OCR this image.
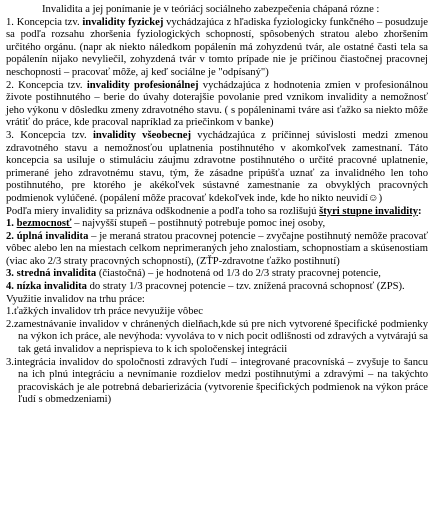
Invalidita a jej ponímanie je v teóriácj sociálneho zabezpečenia chápaná rózne :

1. Koncepcia tzv. invalidity fyzickej vychádzajúca z hľadiska fyziologicky funkčného – posudzuje sa podľa rozsahu zhoršenia fyziologických schopností, spôsobených stratou alebo zhoršením určitého orgánu. (napr ak niekto náledkom popálenín má zohyzdenú tvár, ale ostatné časti tela sa popálenín nijako nevyliečil, zohyzdená tvár v tomto prípade nie je príčinou čiastočnej pracovnej neschopnosti – pracovať môže, aj keď sociálne je "odpísaný")

2. Koncepcia tzv. invalidity profesionálnej vychádzajúca z hodnotenia zmien v profesionálnou živote postihnutého – berie do úvahy doterajšie povolanie pred vznikom invalidity a nemožnosť jeho výkonu v dôsledku zmeny zdravotného stavu. ( s popáleninami tváre asi ťažko sa niekto môže vrátiť do práce, kde pracoval napríklad za priečinkom v banke)

3. Koncepcia tzv. invalidity všeobecnej vychádzajúca z príčinnej súvislosti medzi zmenou zdravotného stavu a nemožnosťou uplatnenia postihnutého v akomkoľvek zamestnaní. Táto koncepcia sa usiluje o stimuláciu záujmu zdravotne postihnutého o určité pracovné uplatnenie, primerané jeho zdravotnému stavu, tým, že zásadne pripúšťa uznať za invalidného len toho postihnutého, pre ktorého je akékoľvek sústavné zamestnanie za obvyklých pracovných podmienok vylúčené. (popálení môže pracovať kdekoľvek inde, kde ho nikto neuvidí☺)

Podľa miery invalidity sa priznáva odškodnenie a podľa toho sa rozlišujú štyri stupne invalidity:

1. bezmocnosť – najvyšší stupeň – postihnutý potrebuje pomoc inej osoby,

2. úplná invalidita – je meraná stratou pracovnej potencie – zvyčajne postihnutý nemôže pracovať vôbec alebo len na miestach celkom neprimeraných jeho znalostiam, schopnostiam a skúsenostiam (viac ako 2/3 straty pracovných schopností), (ZŤP-zdravotne ťažko postihnutí)

3. stredná invalidita (čiastočná) – je hodnotená od 1/3 do 2/3 straty pracovnej potencie,

4. nízka invalidita do straty 1/3 pracovnej potencie – tzv. znížená pracovná schopnosť (ZPS).

Využitie invalidov na trhu práce:

1.ťažkých invalidov trh práce nevyužije vôbec

2.zamestnávanie invalidov v chránených dielňach,kde sú pre nich vytvorené špecifické podmienky na výkon ich práce, ale nevýhoda: vyvoláva to v nich pocit odlišnosti od zdravých a vytvárajú sa tak getá invalidov a neprispieva to k ich spoločenskej integrácii

3.integrácia invalidov do spoločnosti zdravých ľudí – integrované pracovníská – zvyšuje to šancu na ich plnú integráciu a nevnímanie rozdielov medzi postihnutými a zdravými – na takýchto pracoviskách je ale potrebná debarierizácia (vytvorenie špecifických podmienok na výkon práce ľudí s obmedzeniami)
